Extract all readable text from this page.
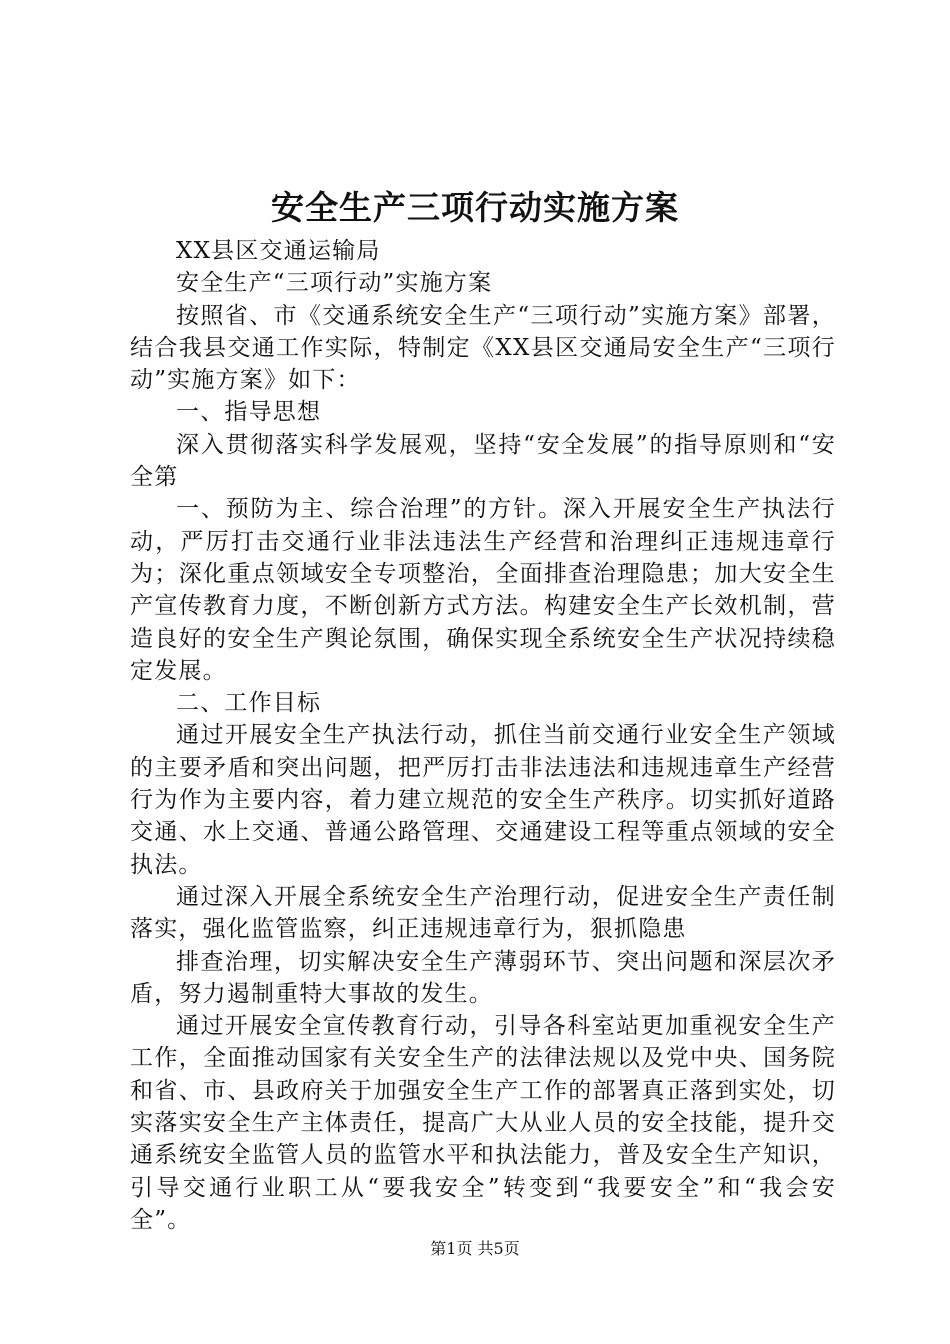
安全生产三项行动实施方案

XX县区交通运输局

安全生产“三项行动”实施方案

按照省、市《交通系统安全生产“三项行动”实施方案》部署，结合我县交通工作实际，特制定《XX县区交通局安全生产“三项行动”实施方案》如下：

一、指导思想

深入贯彻落实科学发展观，坚持“安全发展”的指导原则和“安全第

一、预防为主、综合治理”的方针。深入开展安全生产执法行动，严厉打击交通行业非法违法生产经营和治理纠正违规违章行为；深化重点领域安全专项整治，全面排查治理隐患；加大安全生产宣传教育力度，不断创新方式方法。构建安全生产长效机制，营造良好的安全生产舆论氛围，确保实现全系统安全生产状况持续稳定发展。

二、工作目标

通过开展安全生产执法行动，抓住当前交通行业安全生产领域的主要矛盾和突出问题，把严厉打击非法违法和违规违章生产经营行为作为主要内容，着力建立规范的安全生产秩序。切实抓好道路交通、水上交通、普通公路管理、交通建设工程等重点领域的安全执法。

通过深入开展全系统安全生产治理行动，促进安全生产责任制落实，强化监管监察，纠正违规违章行为，狠抓隐患

排查治理，切实解决安全生产薄弱环节、突出问题和深层次矛盾，努力遏制重特大事故的发生。

通过开展安全宣传教育行动，引导各科室站更加重视安全生产工作，全面推动国家有关安全生产的法律法规以及党中央、国务院和省、市、县政府关于加强安全生产工作的部署真正落到实处，切实落实安全生产主体责任，提高广大从业人员的安全技能，提升交通系统安全监管人员的监管水平和执法能力，普及安全生产知识，引导交通行业职工从“要我安全”转变到“我要安全”和“我会安全”。

第1页 共5页
